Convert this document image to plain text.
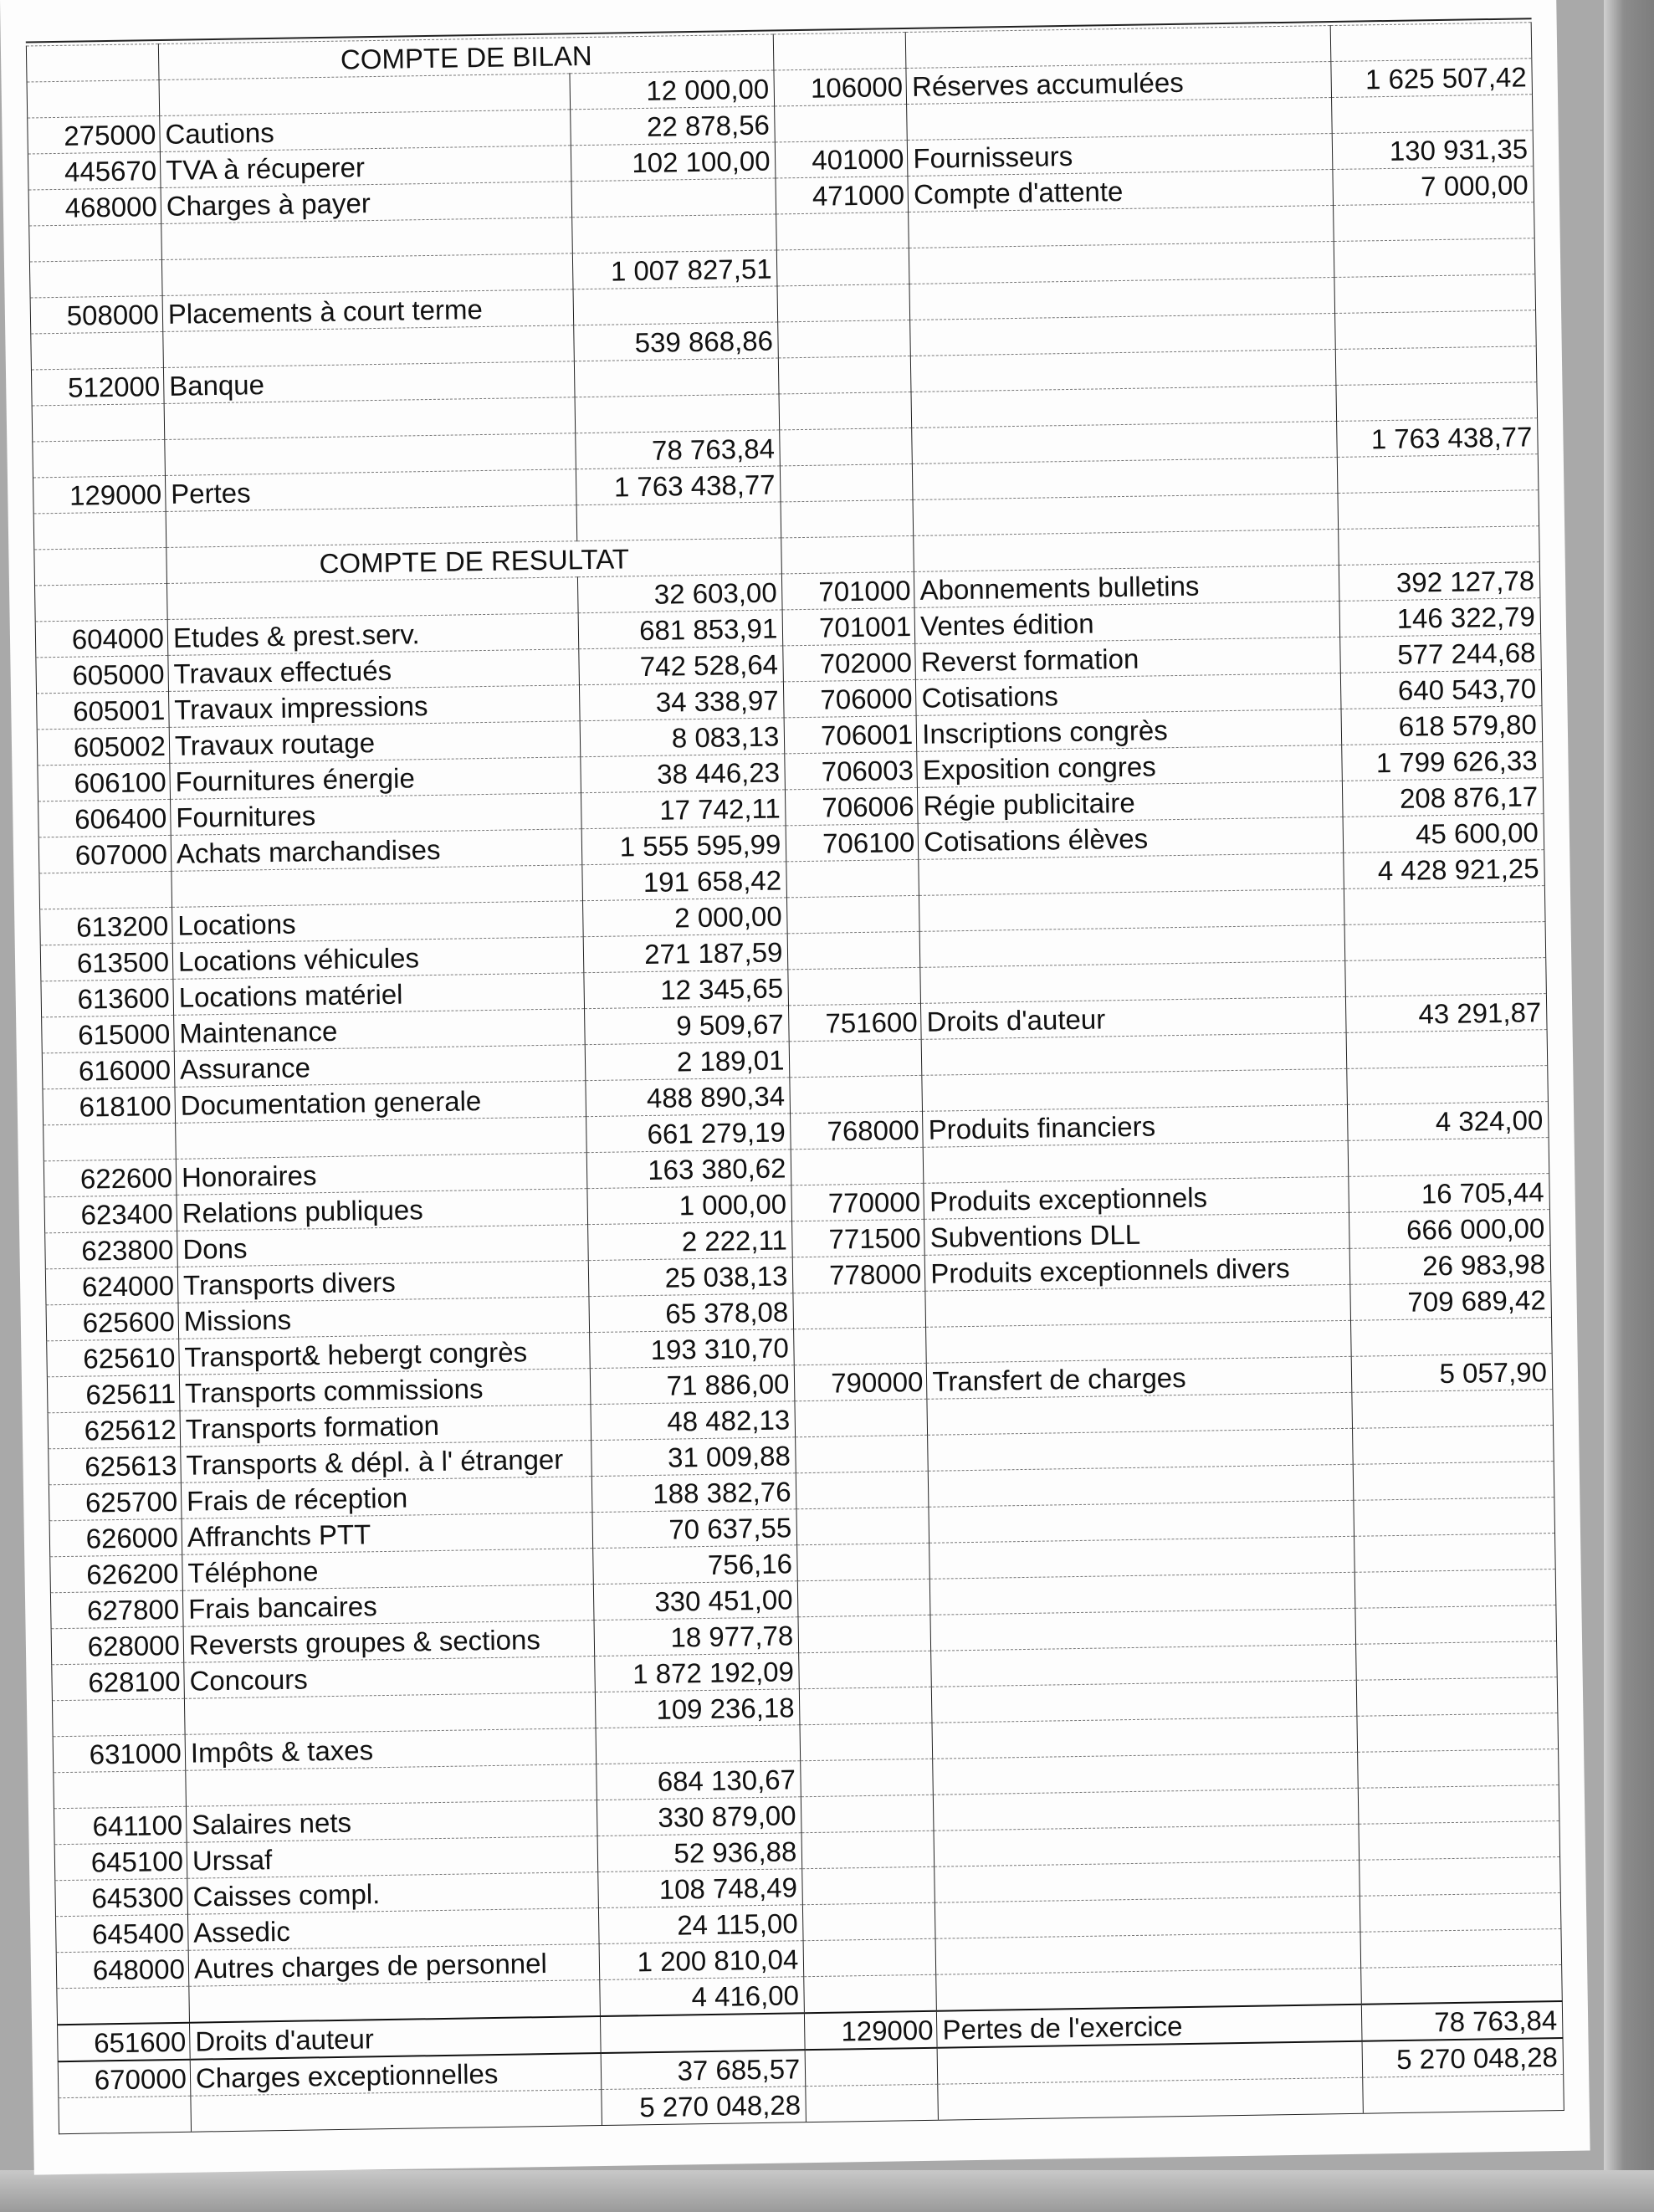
	COMPTE DE BILAN				
		12 000,00	106000	Réserves accumulées	1 625 507,42
275000	Cautions	22 878,56			
445670	TVA à récuperer	102 100,00	401000	Fournisseurs	130 931,35
468000	Charges à payer		471000	Compte d'attente	7 000,00

		1 007 827,51			
508000	Placements à court terme				
		539 868,86			
512000	Banque				

		78 763,84			1 763 438,77
129000	Pertes	1 763 438,77			

	COMPTE DE RESULTAT				
		32 603,00	701000	Abonnements bulletins	392 127,78
604000	Etudes & prest.serv.	681 853,91	701001	Ventes édition	146 322,79
605000	Travaux effectués	742 528,64	702000	Reverst formation	577 244,68
605001	Travaux impressions	34 338,97	706000	Cotisations	640 543,70
605002	Travaux routage	8 083,13	706001	Inscriptions congrès	618 579,80
606100	Fournitures énergie	38 446,23	706003	Exposition congres	1 799 626,33
606400	Fournitures	17 742,11	706006	Régie publicitaire	208 876,17
607000	Achats marchandises	1 555 595,99	706100	Cotisations élèves	45 600,00
		191 658,42			4 428 921,25
613200	Locations	2 000,00			
613500	Locations véhicules	271 187,59			
613600	Locations matériel	12 345,65			
615000	Maintenance	9 509,67	751600	Droits d'auteur	43 291,87
616000	Assurance	2 189,01			
618100	Documentation generale	488 890,34			
		661 279,19	768000	Produits financiers	4 324,00
622600	Honoraires	163 380,62			
623400	Relations publiques	1 000,00	770000	Produits exceptionnels	16 705,44
623800	Dons	2 222,11	771500	Subventions DLL	666 000,00
624000	Transports divers	25 038,13	778000	Produits exceptionnels divers	26 983,98
625600	Missions	65 378,08			709 689,42
625610	Transport& hebergt congrès	193 310,70			
625611	Transports commissions	71 886,00	790000	Transfert de charges	5 057,90
625612	Transports formation	48 482,13			
625613	Transports & dépl. à l' étranger	31 009,88			
625700	Frais de réception	188 382,76			
626000	Affranchts PTT	70 637,55			
626200	Téléphone	756,16			
627800	Frais bancaires	330 451,00			
628000	Reversts groupes & sections	18 977,78			
628100	Concours	1 872 192,09			
		109 236,18			
631000	Impôts & taxes				
		684 130,67			
641100	Salaires nets	330 879,00			
645100	Urssaf	52 936,88			
645300	Caisses compl.	108 748,49			
645400	Assedic	24 115,00			
648000	Autres charges de personnel	1 200 810,04			
		4 416,00			
651600	Droits d'auteur		129000	Pertes de l'exercice	78 763,84
670000	Charges exceptionnelles	37 685,57			5 270 048,28
		5 270 048,28			
